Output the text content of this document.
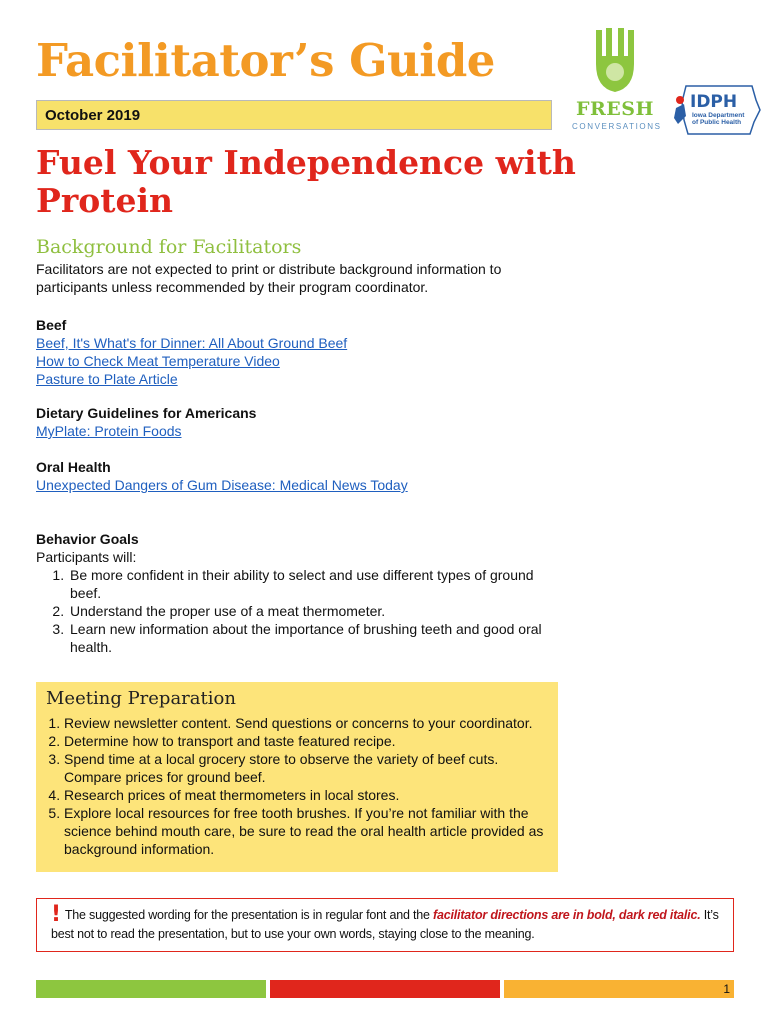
Facilitator’s Guide
October 2019	FRESH
CONVERSATIONS
IDPH
Iowa Department of Public Health
Fuel Your Independence with Protein
Background for Facilitators

Facilitators are not expected to print or distribute background information to participants unless recommended by their program coordinator.

Beef

Beef, It's What's for Dinner: All About Ground Beef
How to Check Meat Temperature Video
Pasture to Plate Article

Dietary Guidelines for Americans

MyPlate: Protein Foods

Oral Health

Unexpected Dangers of Gum Disease: Medical News Today
Behavior Goals
Participants will:
1. Be more confident in their ability to select and use different types of ground beef.
2. Understand the proper use of a meat thermometer.
3. Learn new information about the importance of brushing teeth and good oral health.
Meeting Preparation
1. Review newsletter content. Send questions or concerns to your coordinator.
2. Determine how to transport and taste featured recipe.
3. Spend time at a local grocery store to observe the variety of beef cuts. Compare prices for ground beef.
4. Research prices of meat thermometers in local stores.
5. Explore local resources for free tooth brushes. If you’re not familiar with the science behind mouth care, be sure to read the oral health article provided as background information.
! The suggested wording for the presentation is in regular font and the facilitator directions are in bold, dark red italic. It’s best not to read the presentation, but to use your own words, staying close to the meaning.
1
